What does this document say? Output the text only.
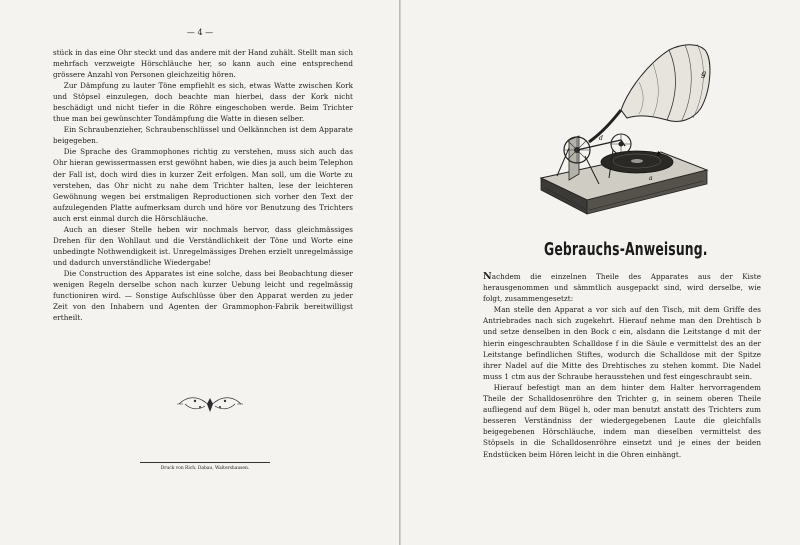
— 4 —

stück in das eine Ohr steckt und das andere mit der Hand zuhält. Stellt man sich mehrfach verzweigte Hörschläuche her, so kann auch eine entsprechend grössere Anzahl von Personen gleichzeitig hören.

Zur Dämpfung zu lauter Töne empfiehlt es sich, etwas Watte zwischen Kork und Stöpsel einzulegen, doch beachte man hierbei, dass der Kork nicht beschädigt und nicht tiefer in die Röhre eingeschoben werde. Beim Trichter thue man bei gewünschter Tondämpfung die Watte in diesen selber.

Ein Schraubenzieher, Schraubenschlüssel und Oelkännchen ist dem Apparate beigegeben.

Die Sprache des Grammophones richtig zu verstehen, muss sich auch das Ohr hieran gewissermassen erst gewöhnt haben, wie dies ja auch beim Telephon der Fall ist, doch wird dies in kurzer Zeit erfolgen. Man soll, um die Worte zu verstehen, das Ohr nicht zu nahe dem Trichter halten, lese der leichteren Gewöhnung wegen bei erstmaligen Reproductionen sich vorher den Text der aufzulegenden Platte aufmerksam durch und höre vor Benutzung des Trichters auch erst einmal durch die Hörschläuche.

Auch an dieser Stelle heben wir nochmals hervor, dass gleichmässiges Drehen für den Wohllaut und die Verständlichkeit der Töne und Worte eine unbedingte Nothwendigkeit ist. Unregelmässiges Drehen erzielt unregelmässige und dadurch unverständliche Wiedergabe!

Die Construction des Apparates ist eine solche, dass bei Beobachtung dieser wenigen Regeln derselbe schon nach kurzer Uebung leicht und regelmässig functioniren wird. — Sonstige Aufschlüsse über den Apparat werden zu jeder Zeit von den Inhabern und Agenten der Grammophon-Fabrik bereitwilligst ertheilt.

Druck von Rich. Dabau, Waltershausen.
g
d
a
b
Gebrauchs-Anweisung.

Nachdem die einzelnen Theile des Apparates aus der Kiste herausgenommen und sämmtlich ausgepackt sind, wird derselbe, wie folgt, zusammengesetzt:

Man stelle den Apparat a vor sich auf den Tisch, mit dem Griffe des Antriebrades nach sich zugekehrt. Hierauf nehme man den Drehtisch b und setze denselben in den Bock c ein, alsdann die Leitstange d mit der hierin eingeschraubten Schalldose f in die Säule e vermittelst des an der Leitstange befindlichen Stiftes, wodurch die Schalldose mit der Spitze ihrer Nadel auf die Mitte des Drehtisches zu stehen kommt. Die Nadel muss 1 ctm aus der Schraube herausstehen und fest eingeschraubt sein.

Hierauf befestigt man an dem hinter dem Halter hervorragendem Theile der Schalldosenröhre den Trichter g, in seinem oberen Theile aufliegend auf dem Bügel h, oder man benutzt anstatt des Trichters zum besseren Verständniss der wiedergegebenen Laute die gleichfalls beigegebenen Hörschläuche, indem man dieselben vermittelst des Stöpsels in die Schalldosenröhre einsetzt und je eines der beiden Endstücken beim Hören leicht in die Ohren einhängt.
